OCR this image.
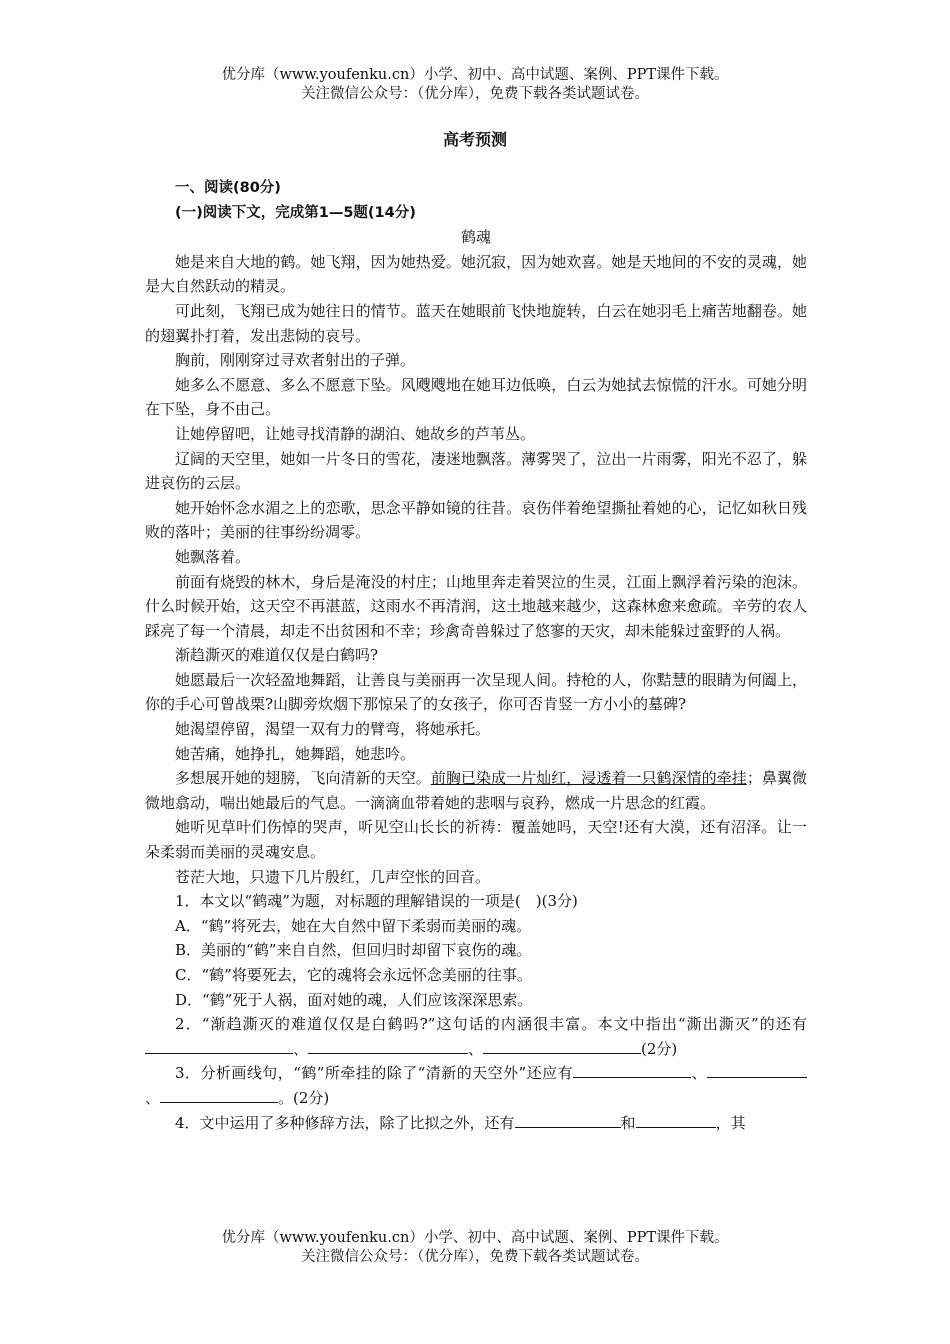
优分库（www.youfenku.cn）小学、初中、高中试题、案例、PPT课件下载。
关注微信公众号：（优分库），免费下载各类试题试卷。
高考预测

一、阅读(80分)

(一)阅读下文，完成第1—5题(14分)

鹤魂

她是来自大地的鹤。她飞翔，因为她热爱。她沉寂，因为她欢喜。她是天地间的不安的灵魂，她是大自然跃动的精灵。

可此刻，飞翔已成为她往日的情节。蓝天在她眼前飞快地旋转，白云在她羽毛上痛苦地翻卷。她的翅翼扑打着，发出悲恸的哀号。

胸前，刚刚穿过寻欢者射出的子弹。

她多么不愿意、多么不愿意下坠。风飕飕地在她耳边低唤，白云为她拭去惊慌的汗水。可她分明在下坠，身不由己。

让她停留吧，让她寻找清静的湖泊、她故乡的芦苇丛。

辽阔的天空里，她如一片冬日的雪花，凄迷地飘落。薄雾哭了，泣出一片雨雾，阳光不忍了，躲进哀伤的云层。

她开始怀念水湄之上的恋歌，思念平静如镜的往昔。哀伤伴着绝望撕扯着她的心，记忆如秋日残败的落叶；美丽的往事纷纷凋零。

她飘落着。

前面有烧毁的林木，身后是淹没的村庄；山地里奔走着哭泣的生灵，江面上飘浮着污染的泡沫。什么时候开始，这天空不再湛蓝，这雨水不再清润，这土地越来越少，这森林愈来愈疏。辛劳的农人踩亮了每一个清晨，却走不出贫困和不幸；珍禽奇兽躲过了悠寥的天灾，却未能躲过蛮野的人祸。

渐趋澌灭的难道仅仅是白鹤吗?

她愿最后一次轻盈地舞蹈，让善良与美丽再一次呈现人间。持枪的人，你黠慧的眼睛为何阖上，你的手心可曾战栗?山脚旁炊烟下那惊呆了的女孩子，你可否肯竖一方小小的墓碑?

她渴望停留，渴望一双有力的臂弯，将她承托。

她苦痛，她挣扎，她舞蹈，她悲吟。

多想展开她的翅膀，飞向清新的天空。前胸已染成一片灿红，浸透着一只鹤深情的牵挂；鼻翼微微地翕动，喘出她最后的气息。一滴滴血带着她的悲咽与哀矜，燃成一片思念的红霞。

她听见草叶们伤悼的哭声，听见空山长长的祈祷：覆盖她吗，天空!还有大漠，还有沼泽。让一朵柔弱而美丽的灵魂安息。

苍茫大地，只遗下几片殷红，几声空怅的回音。

1．本文以“鹤魂”为题，对标题的理解错误的一项是(　)(3分)

A．“鹤”将死去，她在大自然中留下柔弱而美丽的魂。

B．美丽的“鹤”来自自然，但回归时却留下哀伤的魂。

C．“鹤”将要死去，它的魂将会永远怀念美丽的往事。

D．“鹤”死于人祸，面对她的魂，人们应该深深思索。

2．“渐趋澌灭的难道仅仅是白鹤吗?”这句话的内涵很丰富。本文中指出“澌出澌灭”的还有、	、	(2分)

3．分析画线句，“鹤”所牵挂的除了“清新的天空外”还应有	、、	。(2分)

4．文中运用了多种修辞方法，除了比拟之外，还有	和	，其

优分库（www.youfenku.cn）小学、初中、高中试题、案例、PPT课件下载。
关注微信公众号：（优分库），免费下载各类试题试卷。
